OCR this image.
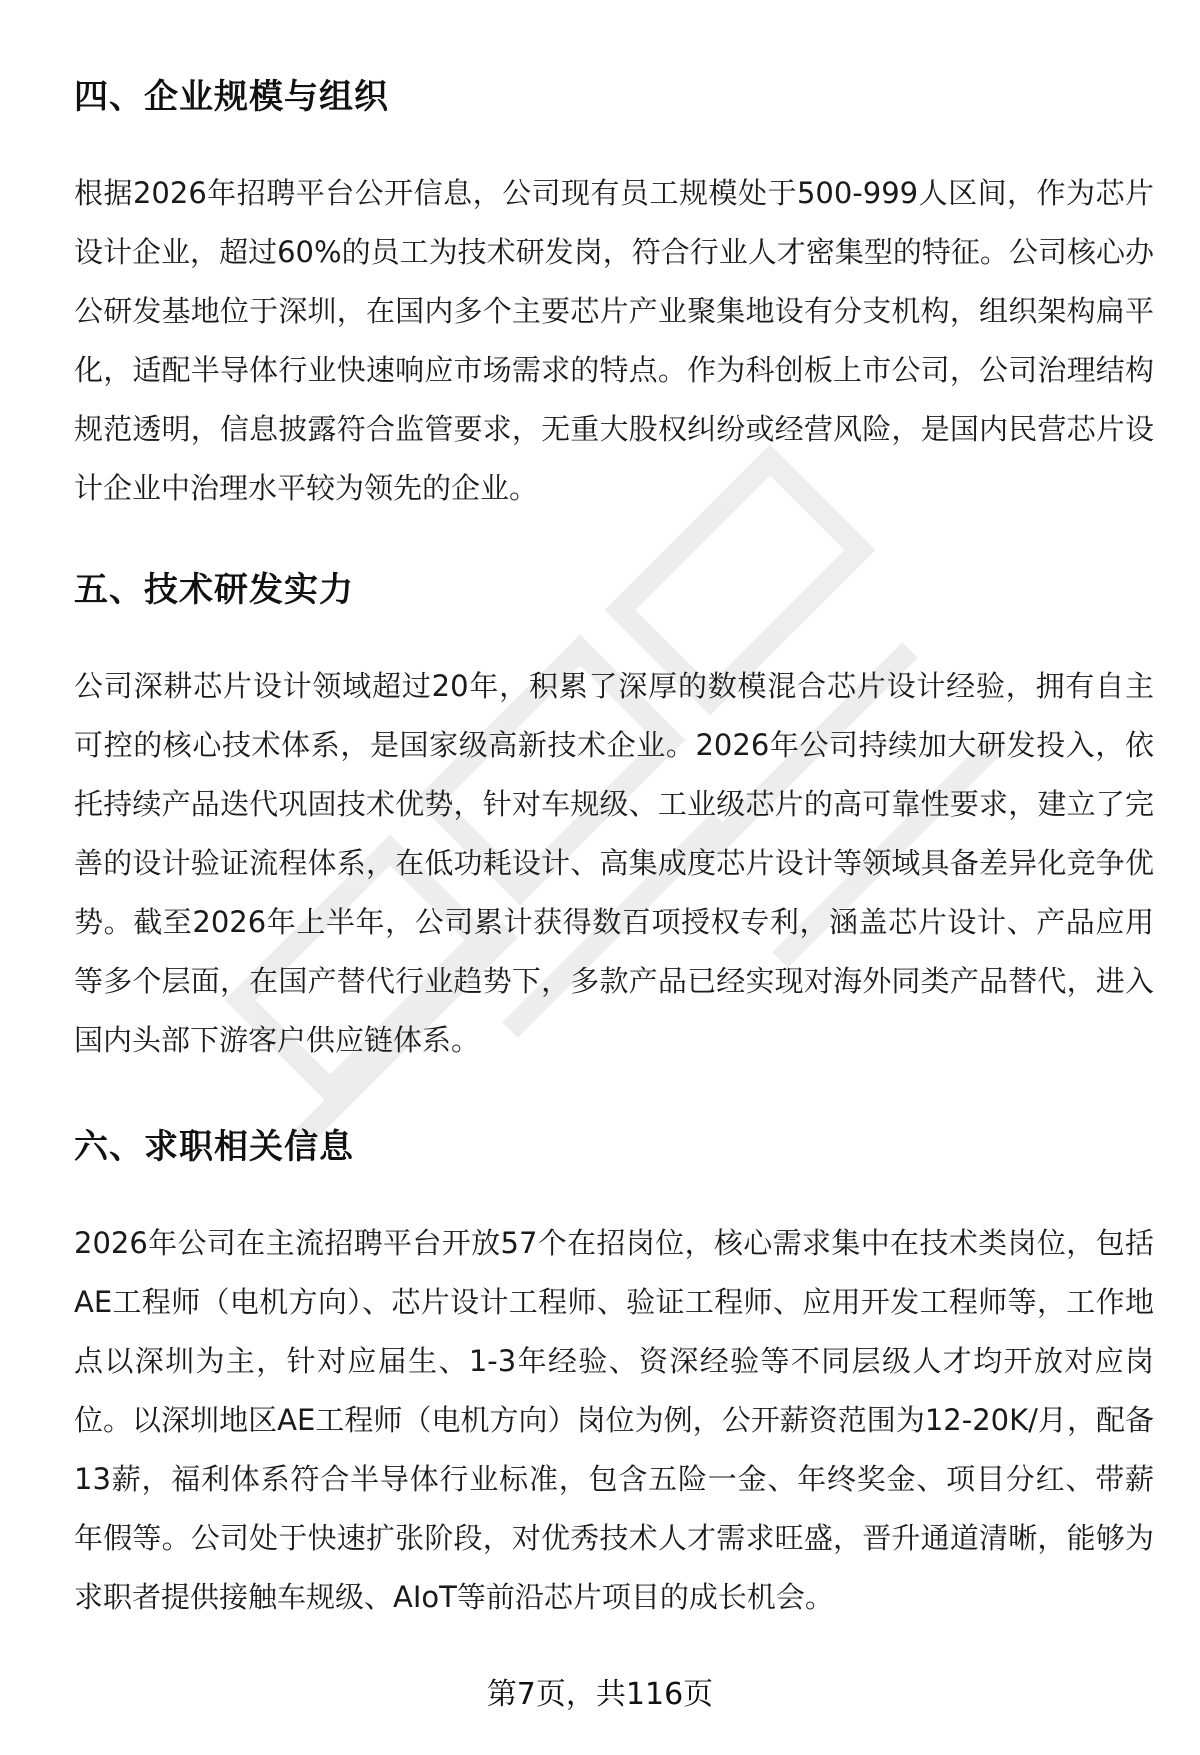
四、企业规模与组织

根据2026年招聘平台公开信息，公司现有员工规模处于500-999人区间，作为芯片设计企业，超过60%的员工为技术研发岗，符合行业人才密集型的特征。公司核心办公研发基地位于深圳，在国内多个主要芯片产业聚集地设有分支机构，组织架构扁平化，适配半导体行业快速响应市场需求的特点。作为科创板上市公司，公司治理结构规范透明，信息披露符合监管要求，无重大股权纠纷或经营风险，是国内民营芯片设计企业中治理水平较为领先的企业。

五、技术研发实力

公司深耕芯片设计领域超过20年，积累了深厚的数模混合芯片设计经验，拥有自主可控的核心技术体系，是国家级高新技术企业。2026年公司持续加大研发投入，依托持续产品迭代巩固技术优势，针对车规级、工业级芯片的高可靠性要求，建立了完善的设计验证流程体系，在低功耗设计、高集成度芯片设计等领域具备差异化竞争优势。截至2026年上半年，公司累计获得数百项授权专利，涵盖芯片设计、产品应用等多个层面，在国产替代行业趋势下，多款产品已经实现对海外同类产品替代，进入国内头部下游客户供应链体系。

六、求职相关信息

2026年公司在主流招聘平台开放57个在招岗位，核心需求集中在技术类岗位，包括AE工程师（电机方向）、芯片设计工程师、验证工程师、应用开发工程师等，工作地点以深圳为主，针对应届生、1-3年经验、资深经验等不同层级人才均开放对应岗位。以深圳地区AE工程师（电机方向）岗位为例，公开薪资范围为12-20K/月，配备13薪，福利体系符合半导体行业标准，包含五险一金、年终奖金、项目分红、带薪年假等。公司处于快速扩张阶段，对优秀技术人才需求旺盛，晋升通道清晰，能够为求职者提供接触车规级、AIoT等前沿芯片项目的成长机会。

第7页，共116页
